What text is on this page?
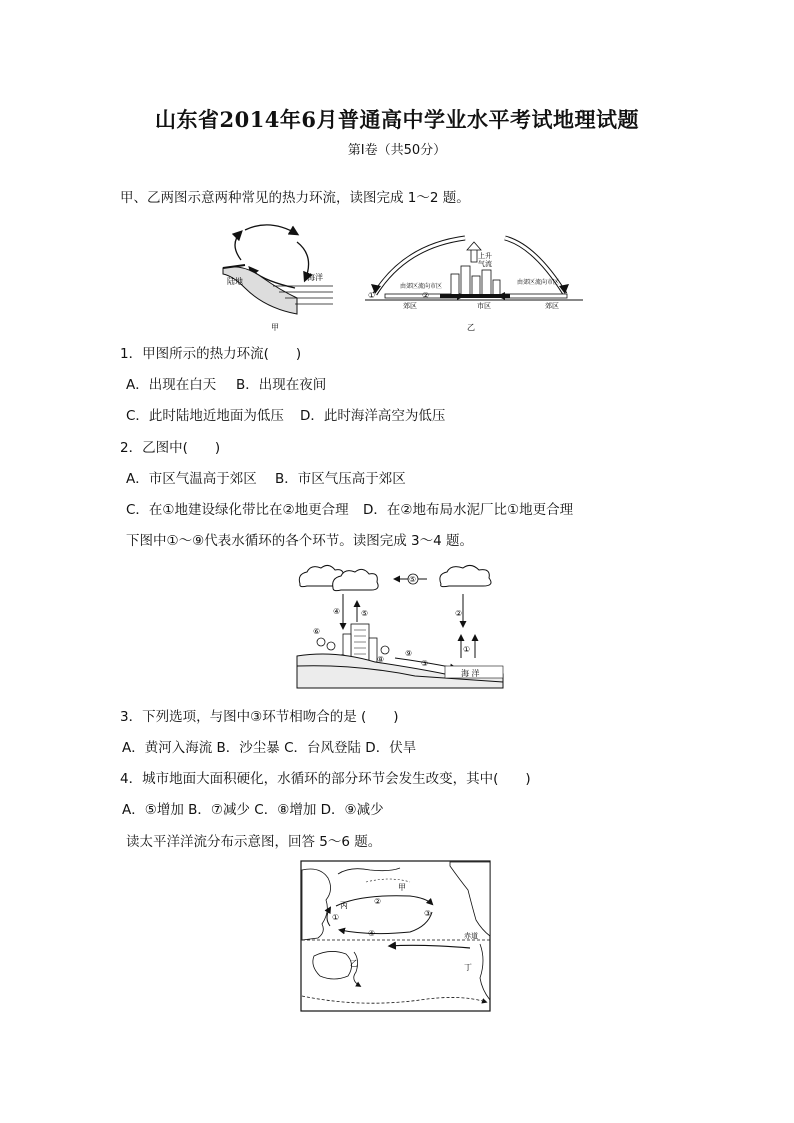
山东省2014年6月普通高中学业水平考试地理试题
第Ⅰ卷（共50分）
甲、乙两图示意两种常见的热力环流，读图完成 1～2 题。
陆地	海洋
甲
上升
气流
由郊区流向市区
由郊区流向市区
①	②
郊区	市区	郊区
乙
1．甲图所示的热力环流(　　)
A．出现在白天 B．出现在夜间
C．此时陆地近地面为低压 D．此时海洋高空为低压
2．乙图中(　　)
A．市区气温高于郊区 B．市区气压高于郊区
C．在①地建设绿化带比在②地更合理 D．在②地布局水泥厂比①地更合理
下图中①～⑨代表水循环的各个环节。读图完成 3～4 题。
⑤
④	⑤	②
①
⑥
⑧
⑨
③
海 洋
3．下列选项，与图中③环节相吻合的是 (　　)
A．黄河入海流 B．沙尘暴 C．台风登陆 D．伏旱
4．城市地面大面积硬化，水循环的部分环节会发生改变，其中(　　)
A．⑤增加 B．⑦减少 C．⑧增加 D．⑨减少
读太平洋洋流分布示意图，回答 5～6 题。
赤道
甲
丙
乙	丁
①
②
③
④
